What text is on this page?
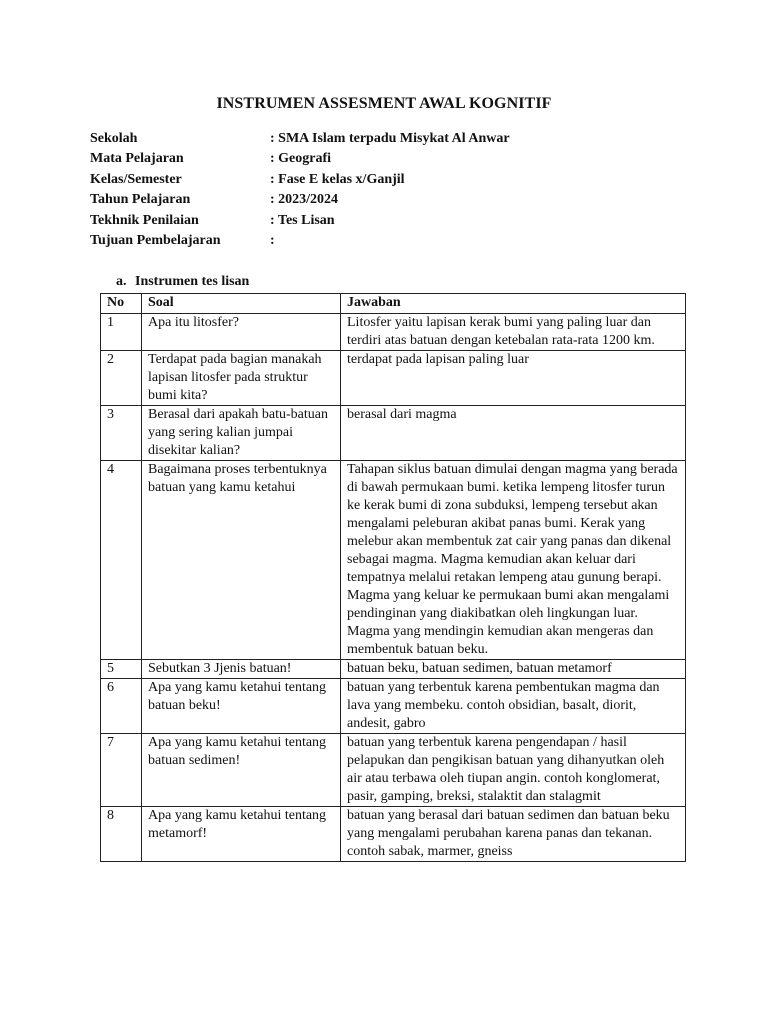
INSTRUMEN ASSESMENT AWAL KOGNITIF
Sekolah	: SMA Islam terpadu Misykat Al Anwar
Mata Pelajaran	: Geografi
Kelas/Semester	: Fase E kelas x/Ganjil
Tahun Pelajaran	: 2023/2024
Tekhnik Penilaian	: Tes Lisan
Tujuan Pembelajaran	:
a. Instrumen tes lisan
No	Soal	Jawaban
1	Apa itu litosfer?	Litosfer yaitu lapisan kerak bumi yang paling luar dan terdiri atas batuan dengan ketebalan rata-rata 1200 km.
2	Terdapat pada bagian manakah lapisan litosfer pada struktur bumi kita?	terdapat pada lapisan paling luar
3	Berasal dari apakah batu-batuan yang sering kalian jumpai disekitar kalian?	berasal dari magma
4	Bagaimana proses terbentuknya batuan yang kamu ketahui	Tahapan siklus batuan dimulai dengan magma yang berada di bawah permukaan bumi. ketika lempeng litosfer turun ke kerak bumi di zona subduksi, lempeng tersebut akan mengalami peleburan akibat panas bumi. Kerak yang melebur akan membentuk zat cair yang panas dan dikenal sebagai magma. Magma kemudian akan keluar dari tempatnya melalui retakan lempeng atau gunung berapi. Magma yang keluar ke permukaan bumi akan mengalami pendinginan yang diakibatkan oleh lingkungan luar. Magma yang mendingin kemudian akan mengeras dan membentuk batuan beku.
5	Sebutkan 3 Jjenis batuan!	batuan beku, batuan sedimen, batuan metamorf
6	Apa yang kamu ketahui tentang batuan beku!	batuan yang terbentuk karena pembentukan magma dan lava yang membeku. contoh obsidian, basalt, diorit, andesit, gabro
7	Apa yang kamu ketahui tentang batuan sedimen!	batuan yang terbentuk karena pengendapan / hasil pelapukan dan pengikisan batuan yang dihanyutkan oleh air atau terbawa oleh tiupan angin. contoh konglomerat, pasir, gamping, breksi, stalaktit dan stalagmit
8	Apa yang kamu ketahui tentang metamorf!	batuan yang berasal dari batuan sedimen dan batuan beku yang mengalami perubahan karena panas dan tekanan. contoh sabak, marmer, gneiss
